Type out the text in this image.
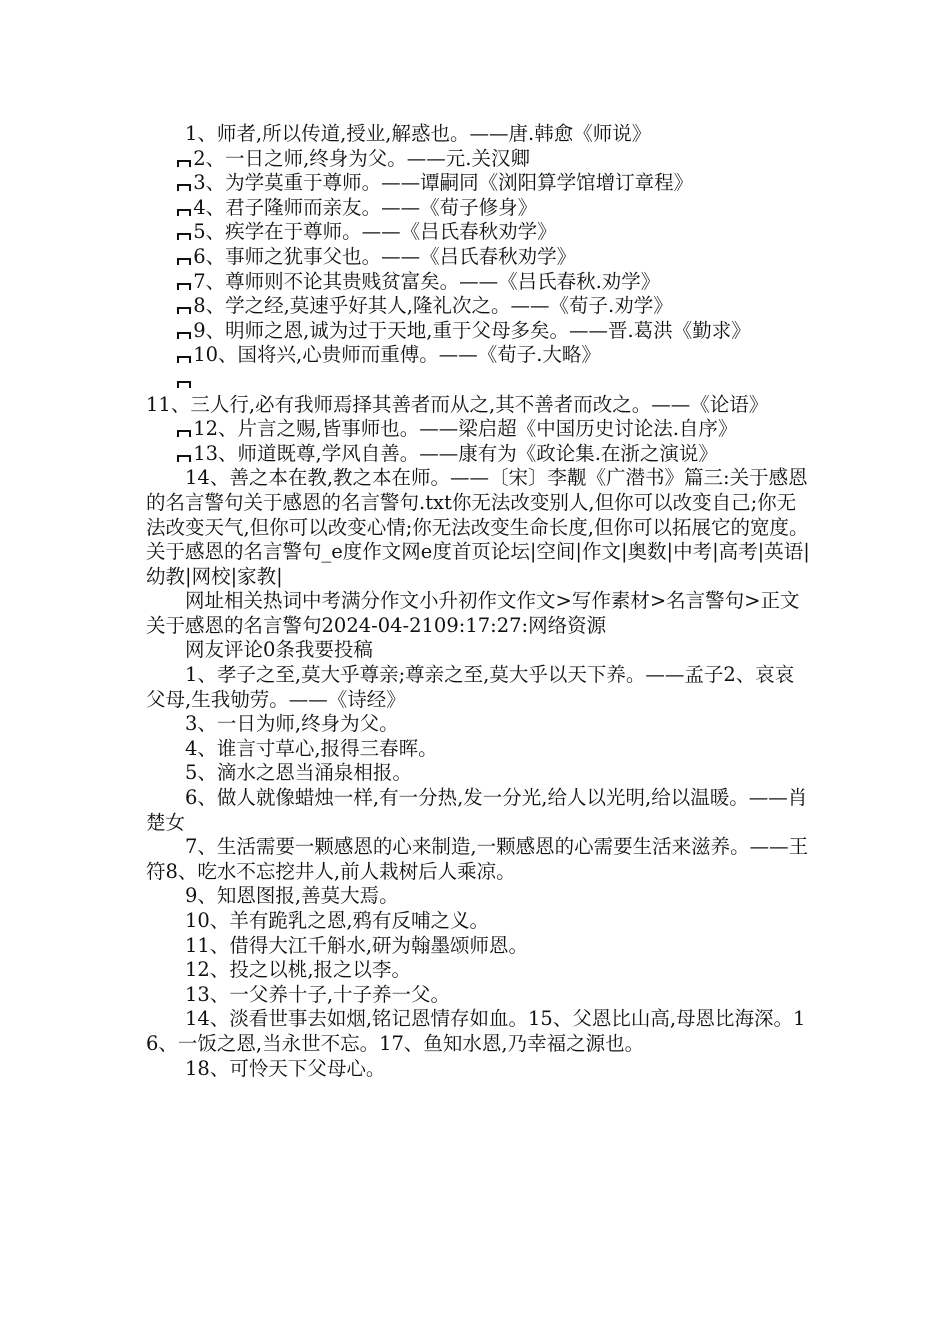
1、师者,所以传道,授业,解惑也。——唐.韩愈《师说》

2、一日之师,终身为父。——元.关汉卿

3、为学莫重于尊师。——谭嗣同《浏阳算学馆增订章程》

4、君子隆师而亲友。——《荀子修身》

5、疾学在于尊师。——《吕氏春秋劝学》

6、事师之犹事父也。——《吕氏春秋劝学》

7、尊师则不论其贵贱贫富矣。——《吕氏春秋.劝学》

8、学之经,莫速乎好其人,隆礼次之。——《荀子.劝学》

9、明师之恩,诚为过于天地,重于父母多矣。——晋.葛洪《勤求》

10、国将兴,心贵师而重傅。——《荀子.大略》

11、三人行,必有我师焉择其善者而从之,其不善者而改之。——《论语》

12、片言之赐,皆事师也。——梁启超《中国历史讨论法.自序》

13、师道既尊,学风自善。——康有为《政论集.在浙之演说》

14、善之本在教,教之本在师。——〔宋〕李觏《广潜书》篇三:关于感恩的名言警句关于感恩的名言警句.txt你无法改变别人,但你可以改变自己;你无法改变天气,但你可以改变心情;你无法改变生命长度,但你可以拓展它的宽度。关于感恩的名言警句_e度作文网e度首页论坛|空间|作文|奥数|中考|高考|英语|幼教|网校|家教|

网址相关热词中考满分作文小升初作文作文>写作素材>名言警句>正文关于感恩的名言警句2024-04-2109:17:27:网络资源

网友评论0条我要投稿

1、孝子之至,莫大乎尊亲;尊亲之至,莫大乎以天下养。——孟子2、哀哀父母,生我劬劳。——《诗经》

3、一日为师,终身为父。

4、谁言寸草心,报得三春晖。

5、滴水之恩当涌泉相报。

6、做人就像蜡烛一样,有一分热,发一分光,给人以光明,给以温暖。——肖楚女

7、生活需要一颗感恩的心来制造,一颗感恩的心需要生活来滋养。——王符8、吃水不忘挖井人,前人栽树后人乘凉。

9、知恩图报,善莫大焉。

10、羊有跪乳之恩,鸦有反哺之义。

11、借得大江千斛水,研为翰墨颂师恩。

12、投之以桃,报之以李。

13、一父养十子,十子养一父。

14、淡看世事去如烟,铭记恩情存如血。15、父恩比山高,母恩比海深。16、一饭之恩,当永世不忘。17、鱼知水恩,乃幸福之源也。

18、可怜天下父母心。
